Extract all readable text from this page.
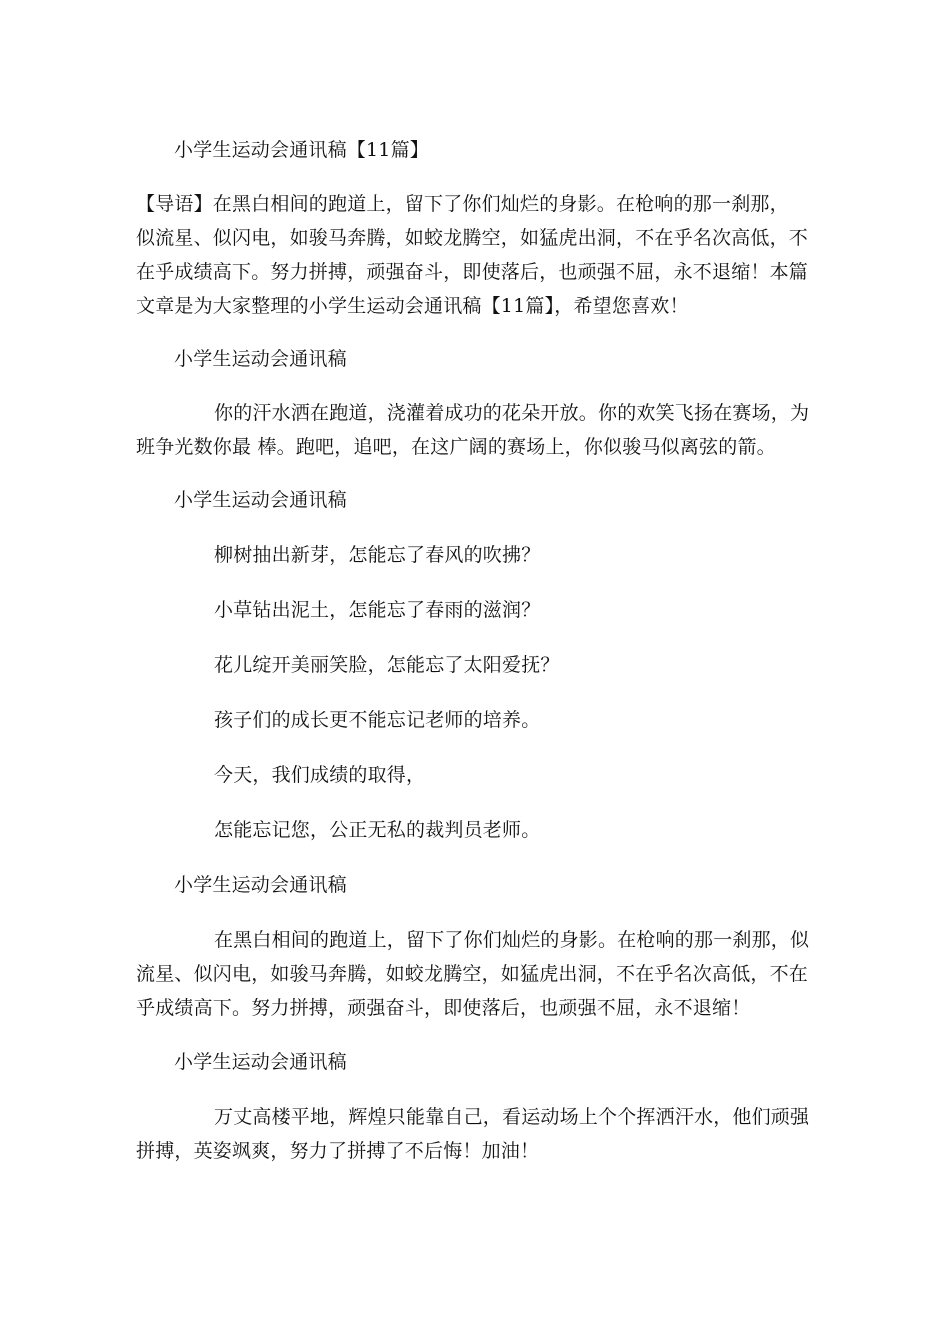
小学生运动会通讯稿【11篇】

【导语】在黑白相间的跑道上，留下了你们灿烂的身影。在枪响的那一刹那，

似流星、似闪电，如骏马奔腾，如蛟龙腾空，如猛虎出洞，不在乎名次高低，不

在乎成绩高下。努力拼搏，顽强奋斗，即使落后，也顽强不屈，永不退缩！本篇

文章是为大家整理的小学生运动会通讯稿【11篇】，希望您喜欢！

小学生运动会通讯稿

你的汗水洒在跑道，浇灌着成功的花朵开放。你的欢笑飞扬在赛场，为

班争光数你最 棒。跑吧，追吧，在这广阔的赛场上，你似骏马似离弦的箭。

小学生运动会通讯稿

柳树抽出新芽，怎能忘了春风的吹拂？

小草钻出泥土，怎能忘了春雨的滋润？

花儿绽开美丽笑脸，怎能忘了太阳爱抚？

孩子们的成长更不能忘记老师的培养。

今天，我们成绩的取得，

怎能忘记您，公正无私的裁判员老师。

小学生运动会通讯稿

在黑白相间的跑道上，留下了你们灿烂的身影。在枪响的那一刹那，似

流星、似闪电，如骏马奔腾，如蛟龙腾空，如猛虎出洞，不在乎名次高低，不在

乎成绩高下。努力拼搏，顽强奋斗，即使落后，也顽强不屈，永不退缩！

小学生运动会通讯稿

万丈高楼平地，辉煌只能靠自己，看运动场上个个挥洒汗水，他们顽强

拼搏，英姿飒爽，努力了拼搏了不后悔！加油！
